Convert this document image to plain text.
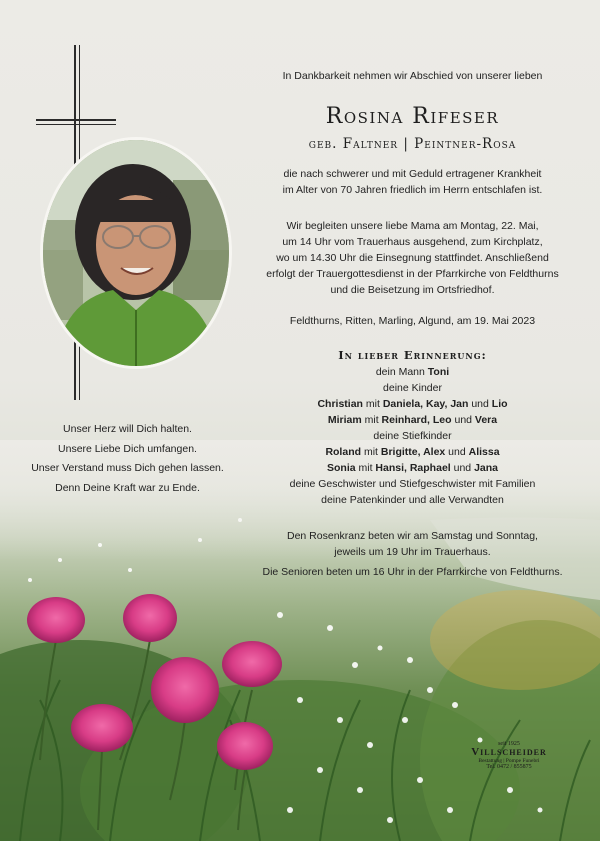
In Dankbarkeit nehmen wir Abschied von unserer lieben
Rosina Rifeser
geb. Faltner | Peintner-Rosa
die nach schwerer und mit Geduld ertragener Krankheit
im Alter von 70 Jahren friedlich im Herrn entschlafen ist.
Wir begleiten unsere liebe Mama am Montag, 22. Mai,
um 14 Uhr vom Trauerhaus ausgehend, zum Kirchplatz,
wo um 14.30 Uhr die Einsegnung stattfindet. Anschließend
erfolgt der Trauergottesdienst in der Pfarrkirche von Feldthurns
und die Beisetzung im Ortsfriedhof.
Feldthurns, Ritten, Marling, Algund, am 19. Mai 2023
In lieber Erinnerung:
dein Mann Toni
deine Kinder
Christian mit Daniela, Kay, Jan und Lio
Miriam mit Reinhard, Leo und Vera
deine Stiefkinder
Roland mit Brigitte, Alex und Alissa
Sonia mit Hansi, Raphael und Jana
deine Geschwister und Stiefgeschwister mit Familien
deine Patenkinder und alle Verwandten
Den Rosenkranz beten wir am Samstag und Sonntag,
jeweils um 19 Uhr im Trauerhaus.
Die Senioren beten um 16 Uhr in der Pfarrkirche von Feldthurns.
Unser Herz will Dich halten.
Unsere Liebe Dich umfangen.
Unser Verstand muss Dich gehen lassen.
Denn Deine Kraft war zu Ende.
seit 1925
Villscheider
Bestattung | Pompe Funebri
Tel. 0472 / 855875
